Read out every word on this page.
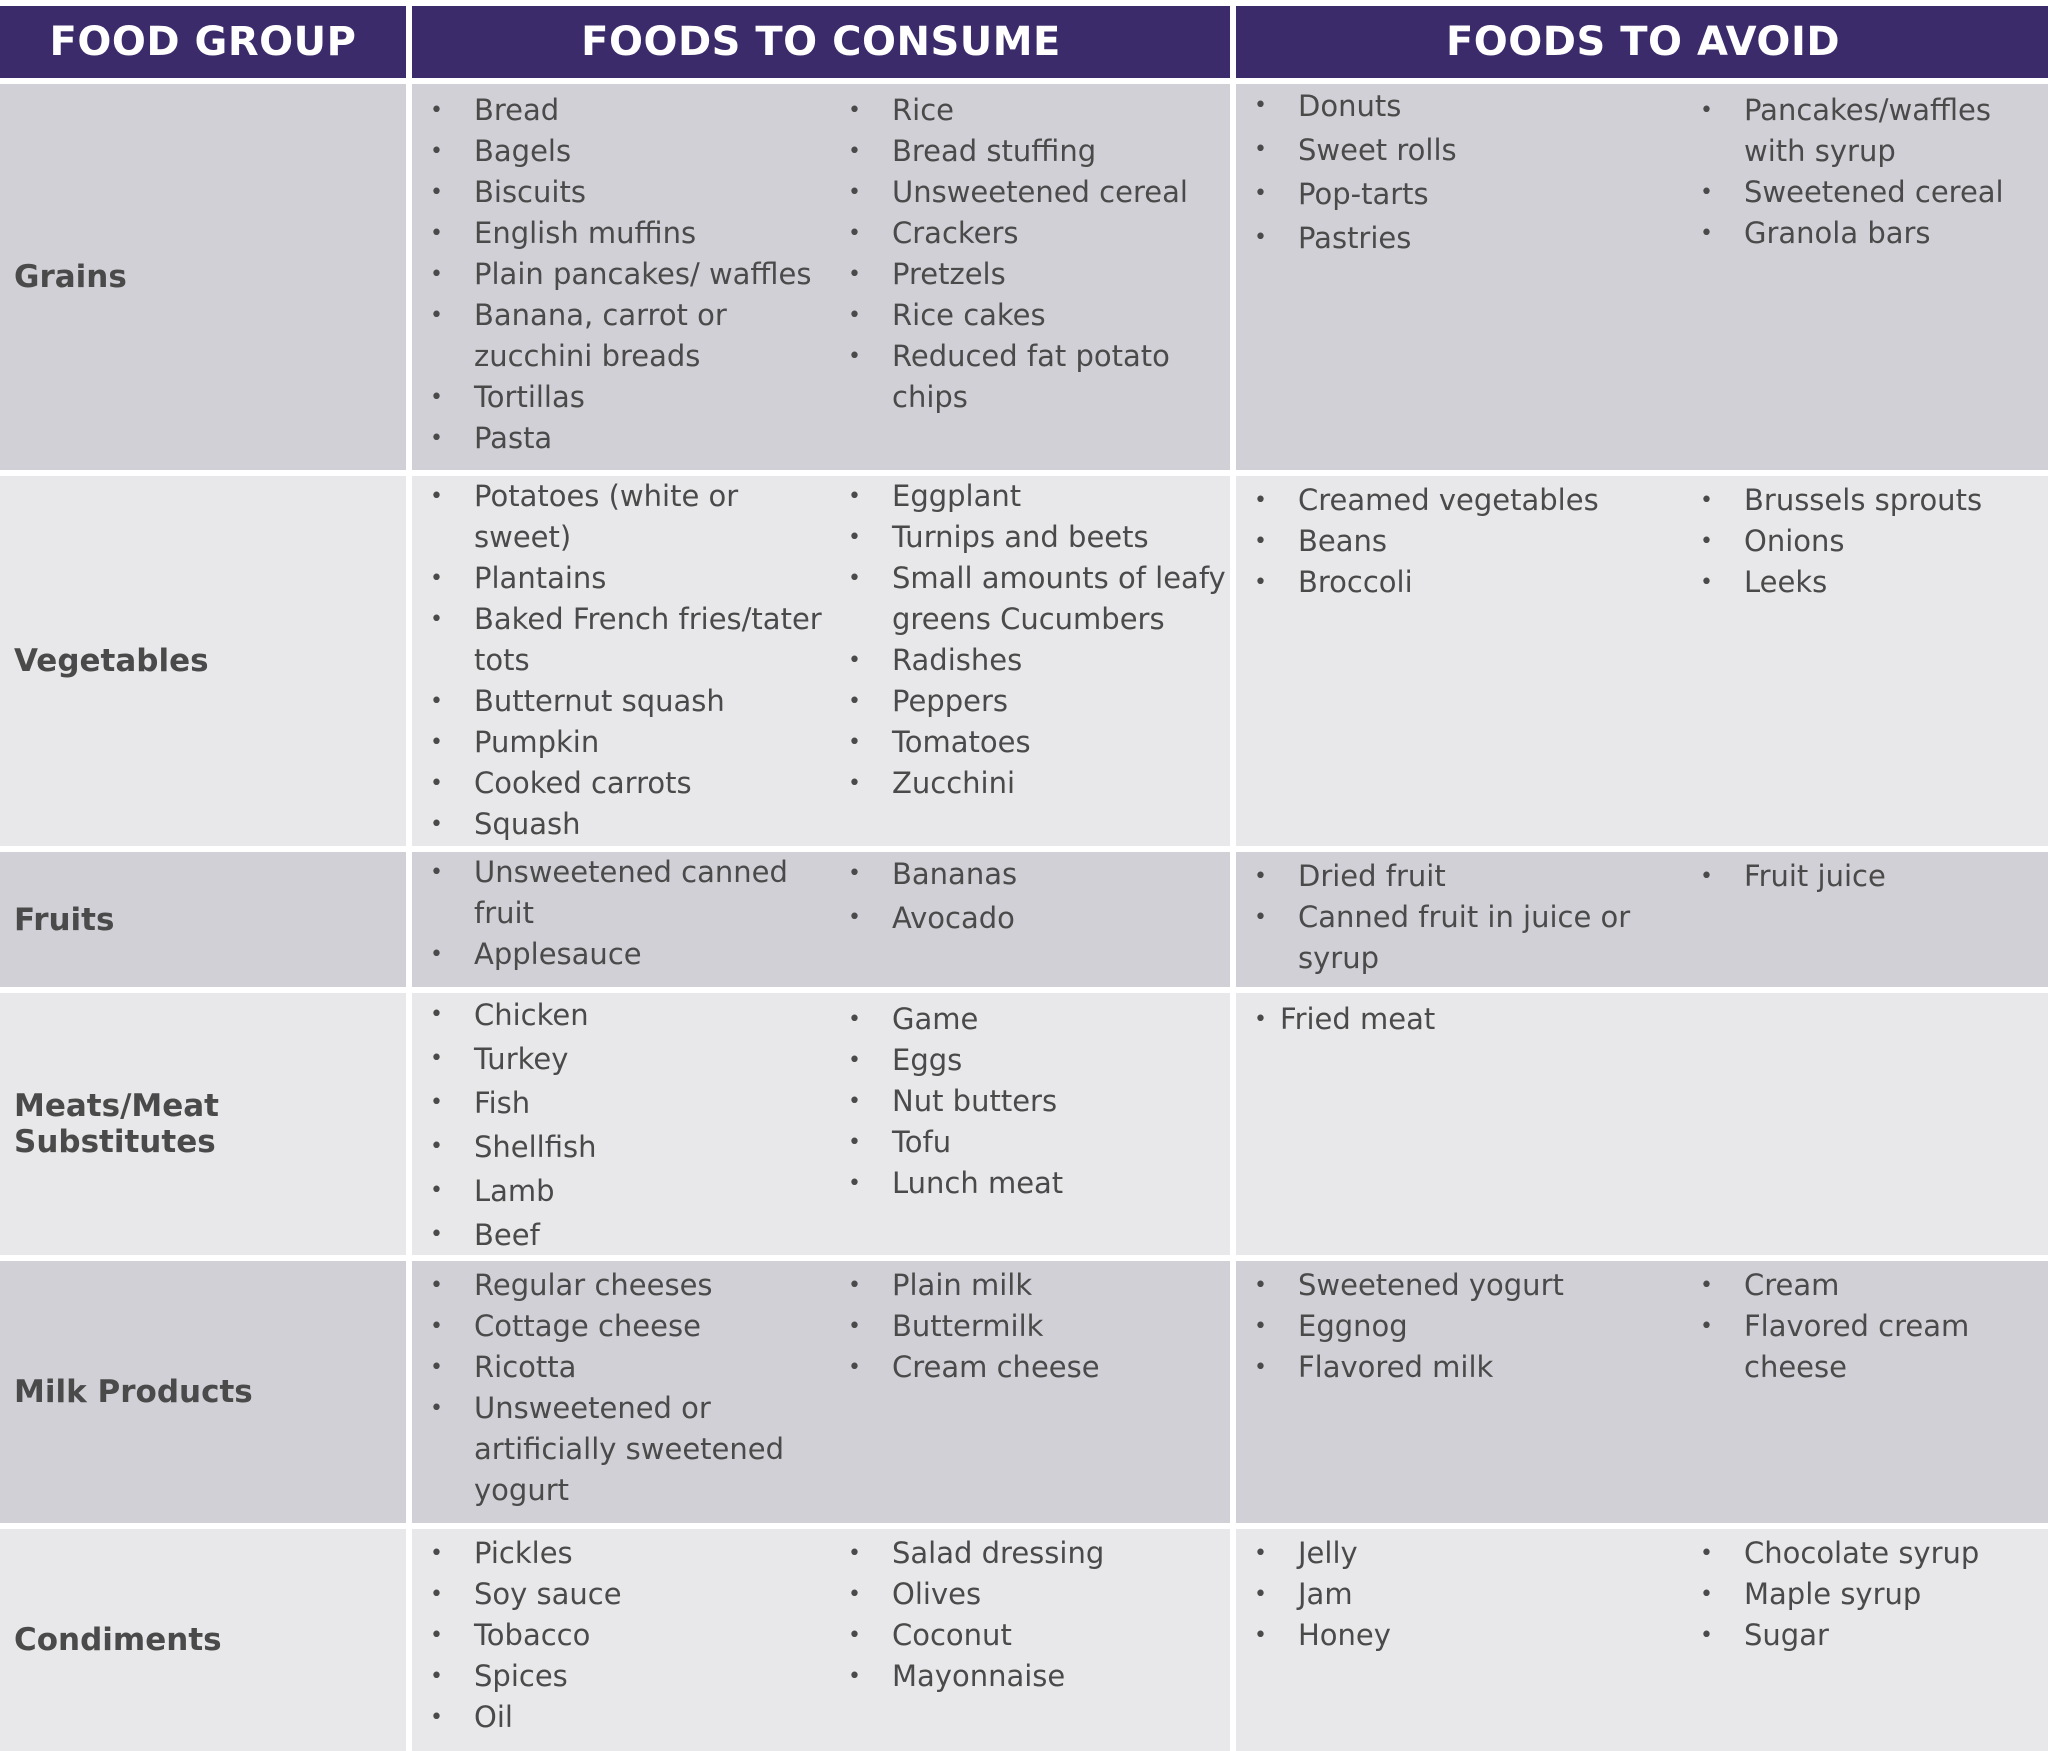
FOOD GROUP	FOODS TO CONSUME	FOODS TO AVOID
Grains
• Bread
• Bagels
• Biscuits
• English muffins
• Plain pancakes/ waffles
• Banana, carrot or zucchini breads
• Tortillas
• Pasta
• Rice
• Bread stuffing
• Unsweetened cereal
• Crackers
• Pretzels
• Rice cakes
• Reduced fat potato chips
• Donuts
• Sweet rolls
• Pop-tarts
• Pastries
• Pancakes/waffles with syrup
• Sweetened cereal
• Granola bars
Vegetables
• Potatoes (white or sweet)
• Plantains
• Baked French fries/tater tots
• Butternut squash
• Pumpkin
• Cooked carrots
• Squash
• Eggplant
• Turnips and beets
• Small amounts of leafy greens Cucumbers
• Radishes
• Peppers
• Tomatoes
• Zucchini
• Creamed vegetables
• Beans
• Broccoli
• Brussels sprouts
• Onions
• Leeks
Fruits
• Unsweetened canned fruit
• Applesauce
• Bananas
• Avocado
• Dried fruit
• Canned fruit in juice or syrup
• Fruit juice
Meats/Meat Substitutes
• Chicken
• Turkey
• Fish
• Shellfish
• Lamb
• Beef
• Game
• Eggs
• Nut butters
• Tofu
• Lunch meat
• Fried meat
Milk Products
• Regular cheeses
• Cottage cheese
• Ricotta
• Unsweetened or artificially sweetened yogurt
• Plain milk
• Buttermilk
• Cream cheese
• Sweetened yogurt
• Eggnog
• Flavored milk
• Cream
• Flavored cream cheese
Condiments
• Pickles
• Soy sauce
• Tobacco
• Spices
• Oil
• Salad dressing
• Olives
• Coconut
• Mayonnaise
• Jelly
• Jam
• Honey
• Chocolate syrup
• Maple syrup
• Sugar
